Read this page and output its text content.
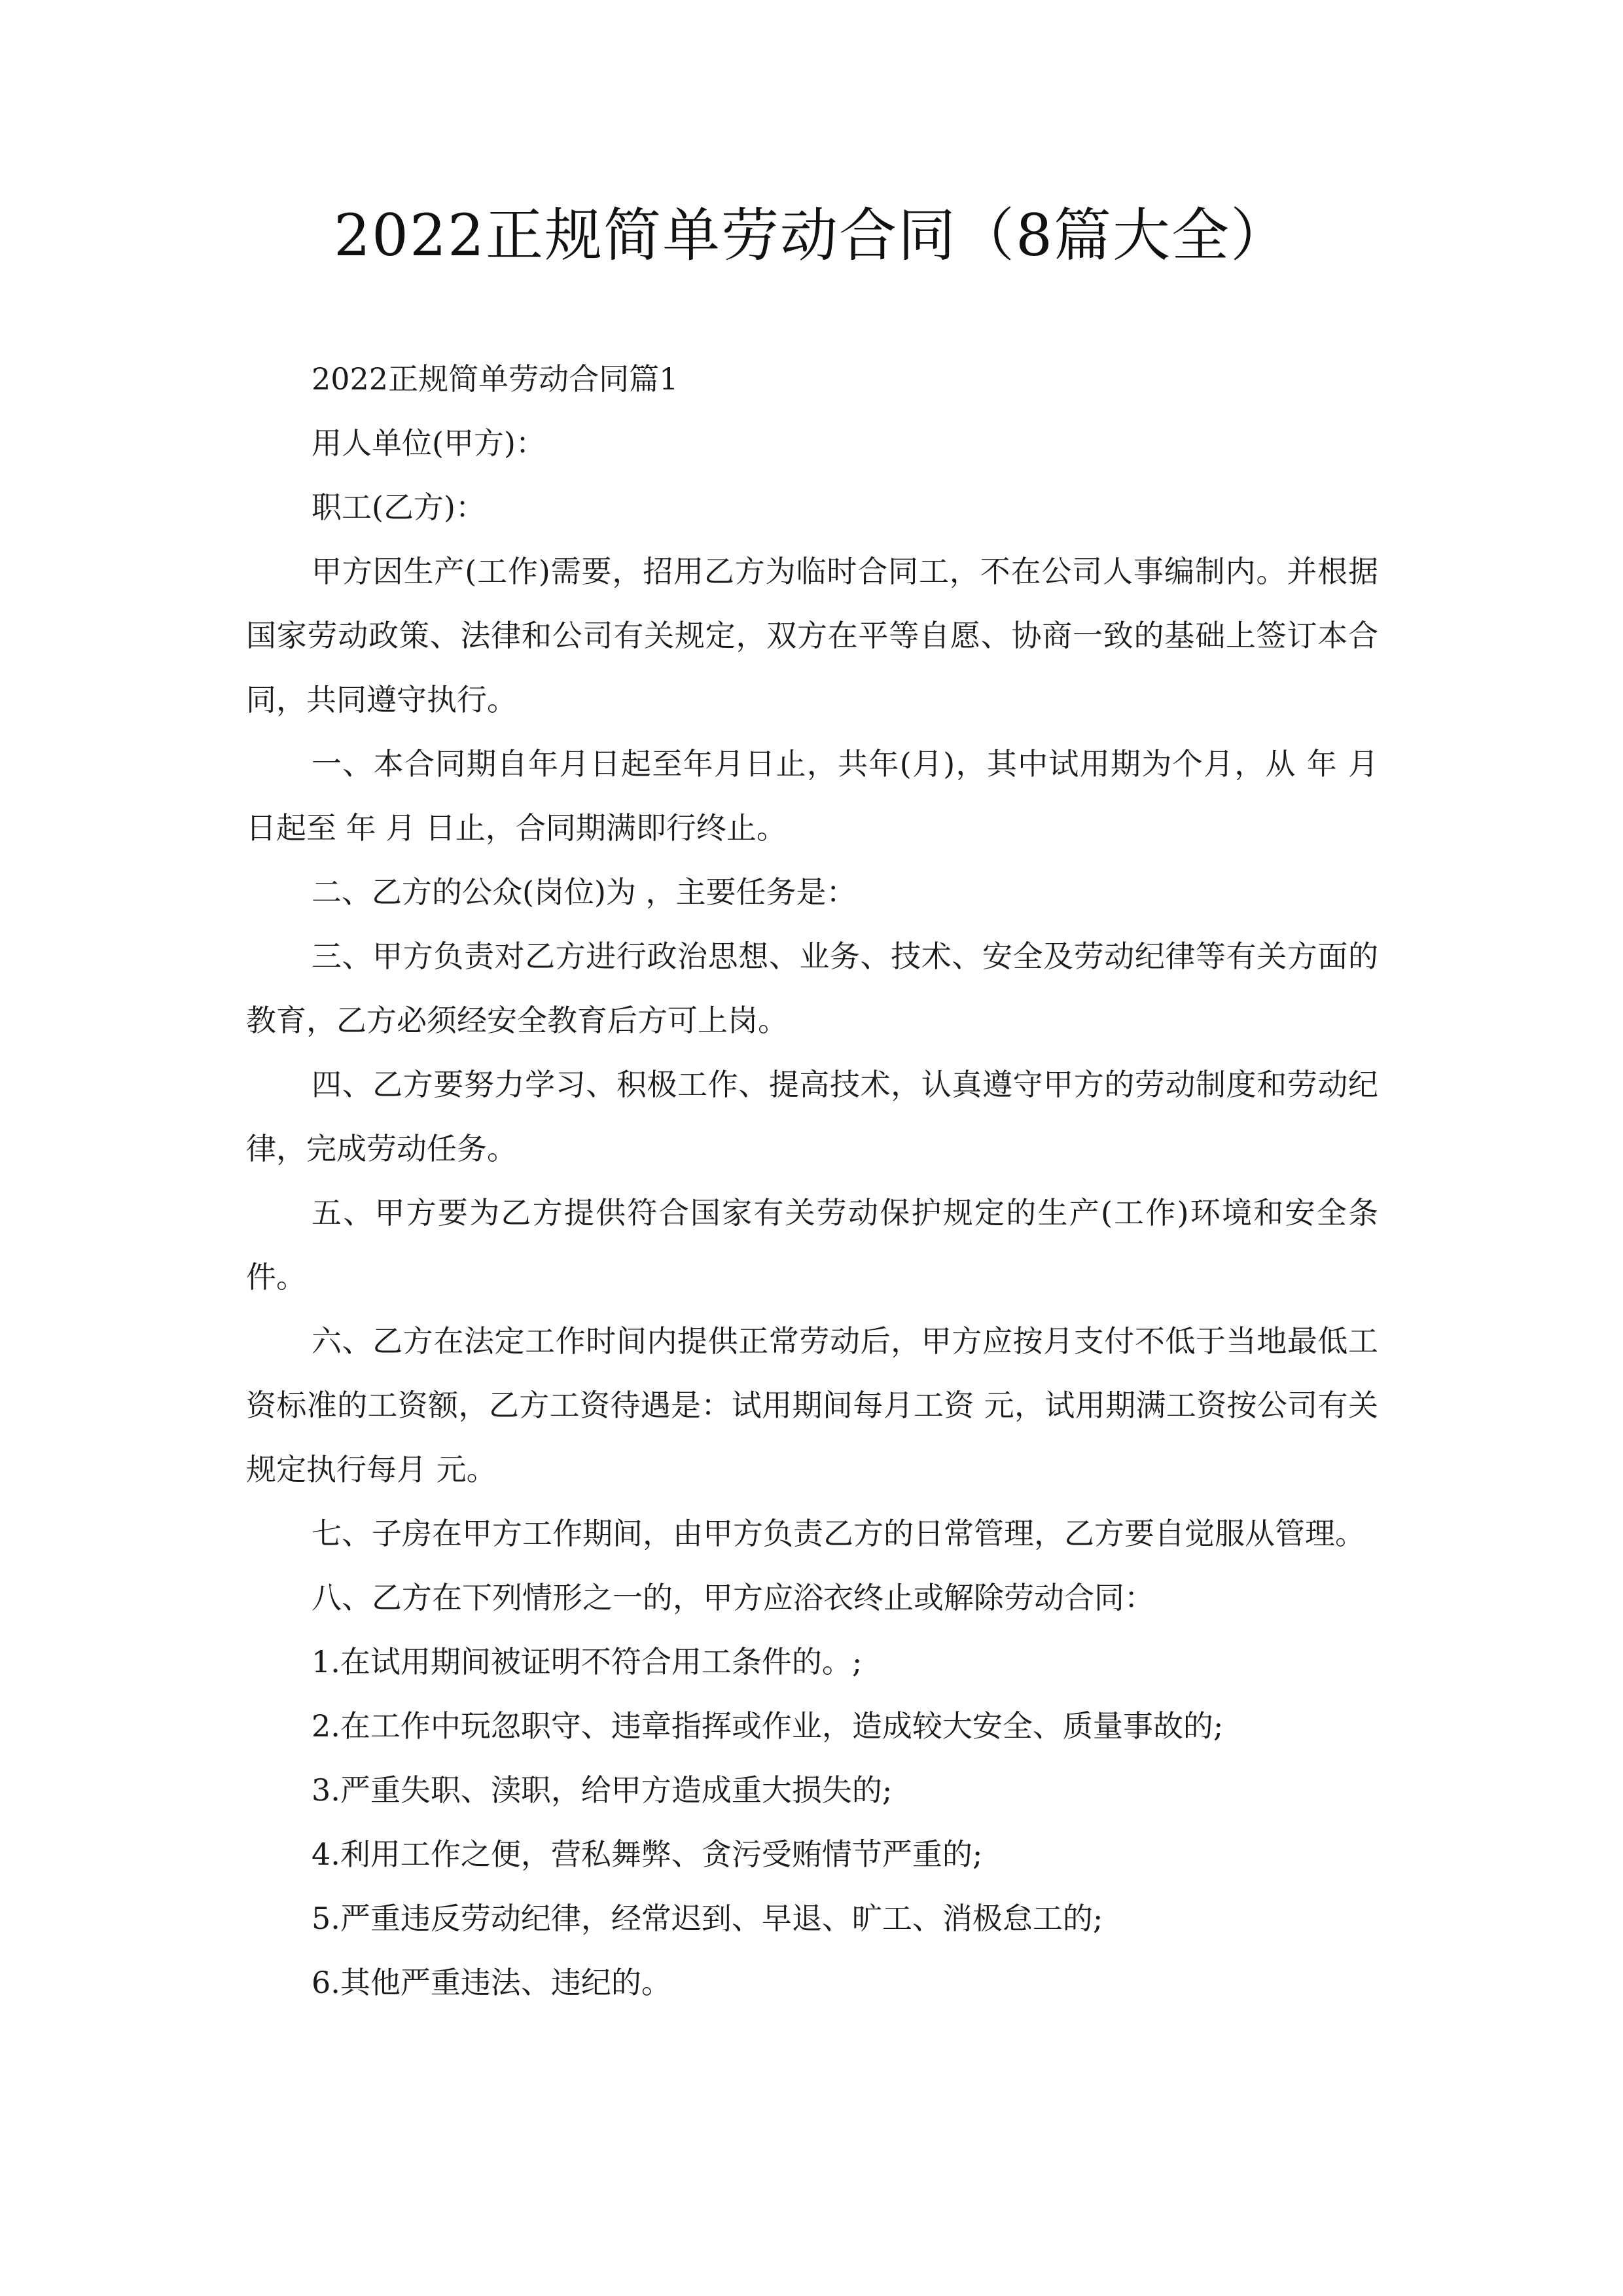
2022正规简单劳动合同（8篇大全）

2022正规简单劳动合同篇1

用人单位(甲方)：

职工(乙方)：

甲方因生产(工作)需要，招用乙方为临时合同工，不在公司人事编制内。并根据国家劳动政策、法律和公司有关规定，双方在平等自愿、协商一致的基础上签订本合同，共同遵守执行。

一、本合同期自年月日起至年月日止，共年(月)，其中试用期为个月，从 年 月 日起至 年 月 日止，合同期满即行终止。

二、乙方的公众(岗位)为 ，主要任务是：

三、甲方负责对乙方进行政治思想、业务、技术、安全及劳动纪律等有关方面的教育，乙方必须经安全教育后方可上岗。

四、乙方要努力学习、积极工作、提高技术，认真遵守甲方的劳动制度和劳动纪律，完成劳动任务。

五、甲方要为乙方提供符合国家有关劳动保护规定的生产(工作)环境和安全条件。

六、乙方在法定工作时间内提供正常劳动后，甲方应按月支付不低于当地最低工资标准的工资额，乙方工资待遇是：试用期间每月工资 元，试用期满工资按公司有关规定执行每月 元。

七、子房在甲方工作期间，由甲方负责乙方的日常管理，乙方要自觉服从管理。

八、乙方在下列情形之一的，甲方应浴衣终止或解除劳动合同：

1.在试用期间被证明不符合用工条件的。;

2.在工作中玩忽职守、违章指挥或作业，造成较大安全、质量事故的;

3.严重失职、渎职，给甲方造成重大损失的;

4.利用工作之便，营私舞弊、贪污受贿情节严重的;

5.严重违反劳动纪律，经常迟到、早退、旷工、消极怠工的;

6.其他严重违法、违纪的。
